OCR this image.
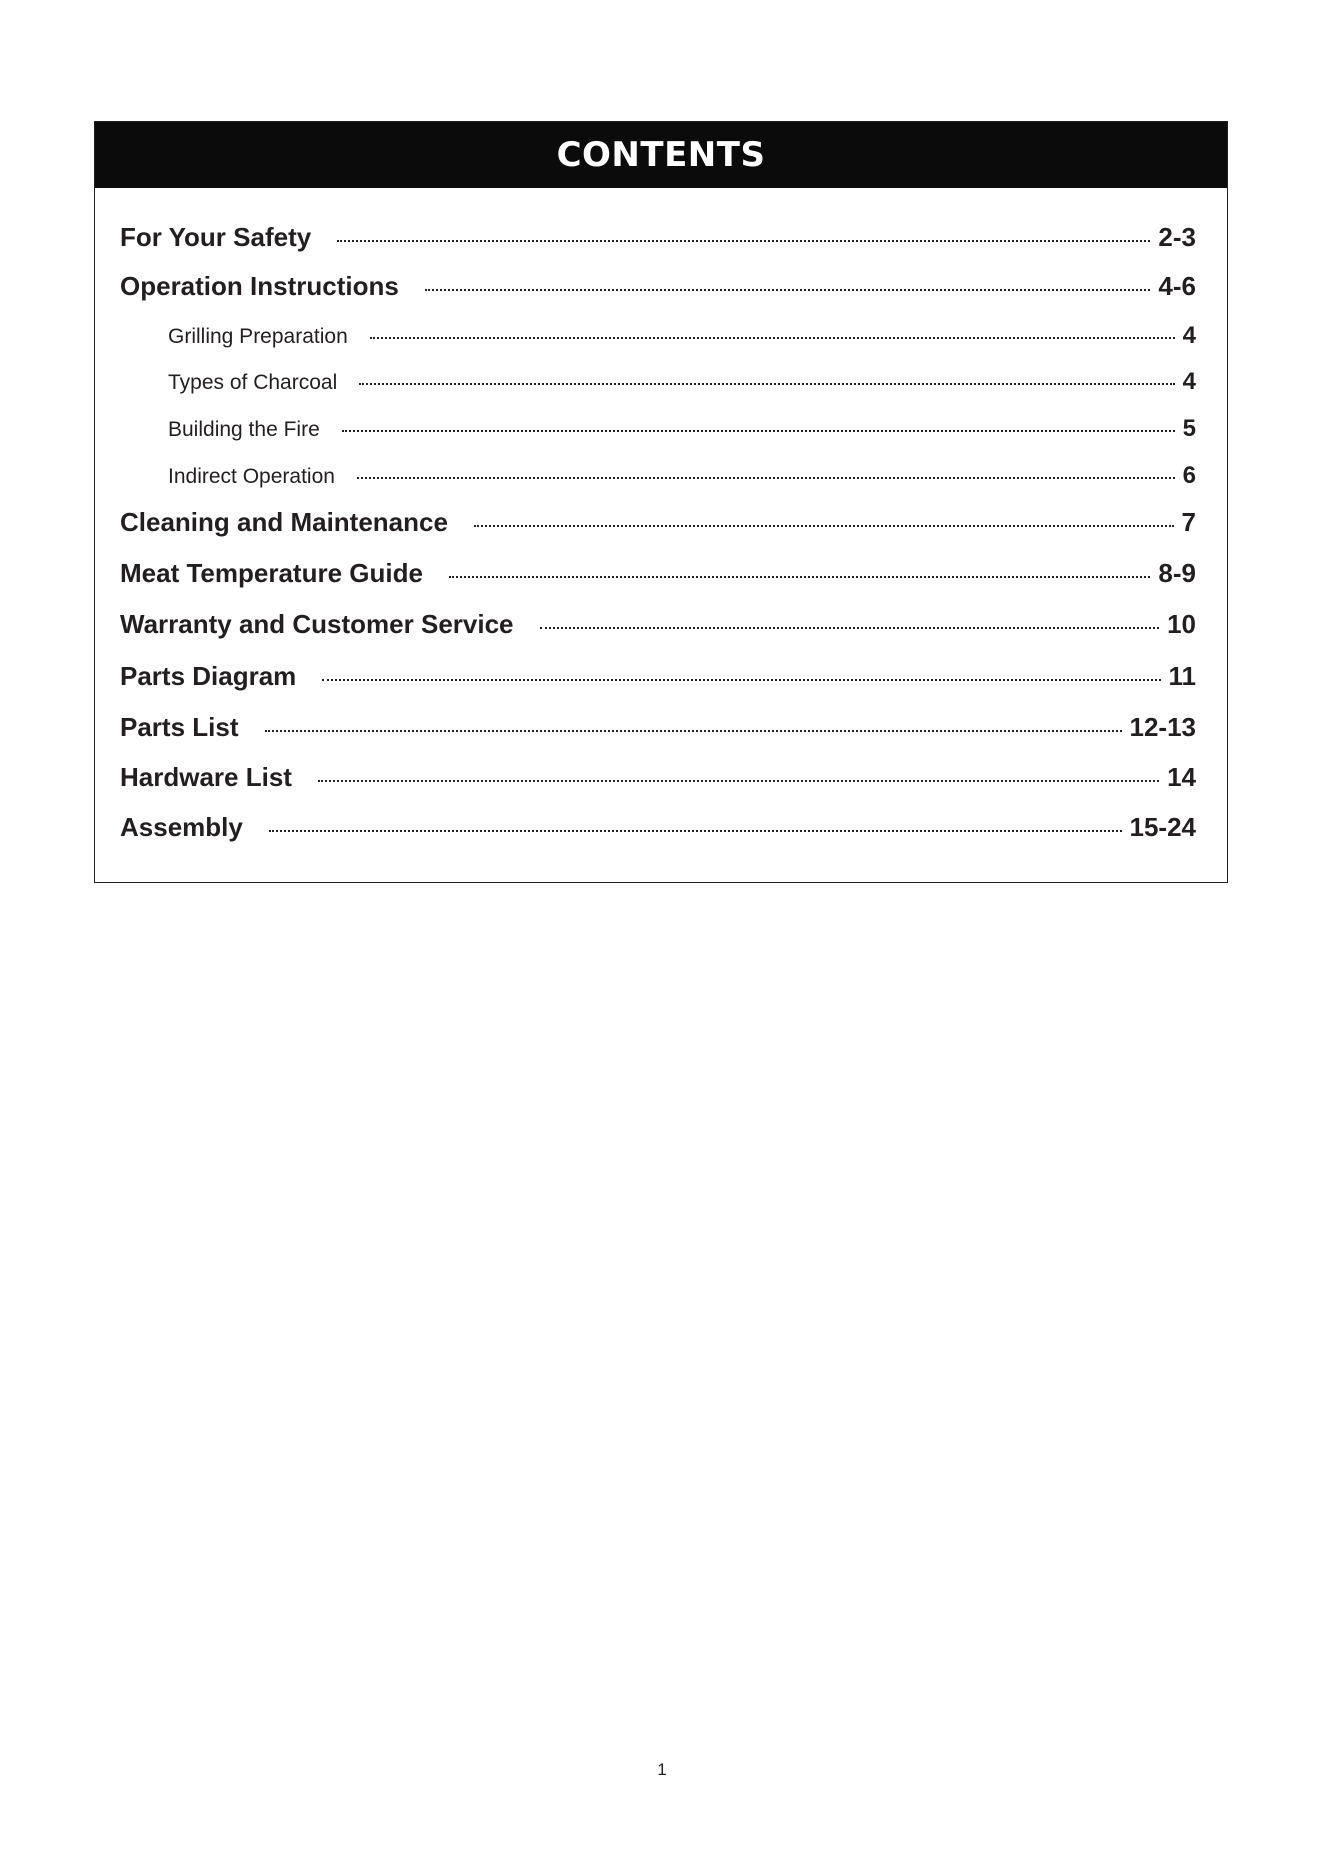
CONTENTS
For Your Safety	2-3
Operation Instructions	4-6
Grilling Preparation	4
Types of Charcoal	4
Building the Fire	5
Indirect Operation	6
Cleaning and Maintenance	7
Meat Temperature Guide	8-9
Warranty and Customer Service	10
Parts Diagram	11
Parts List	12-13
Hardware List	14
Assembly	15-24
1
